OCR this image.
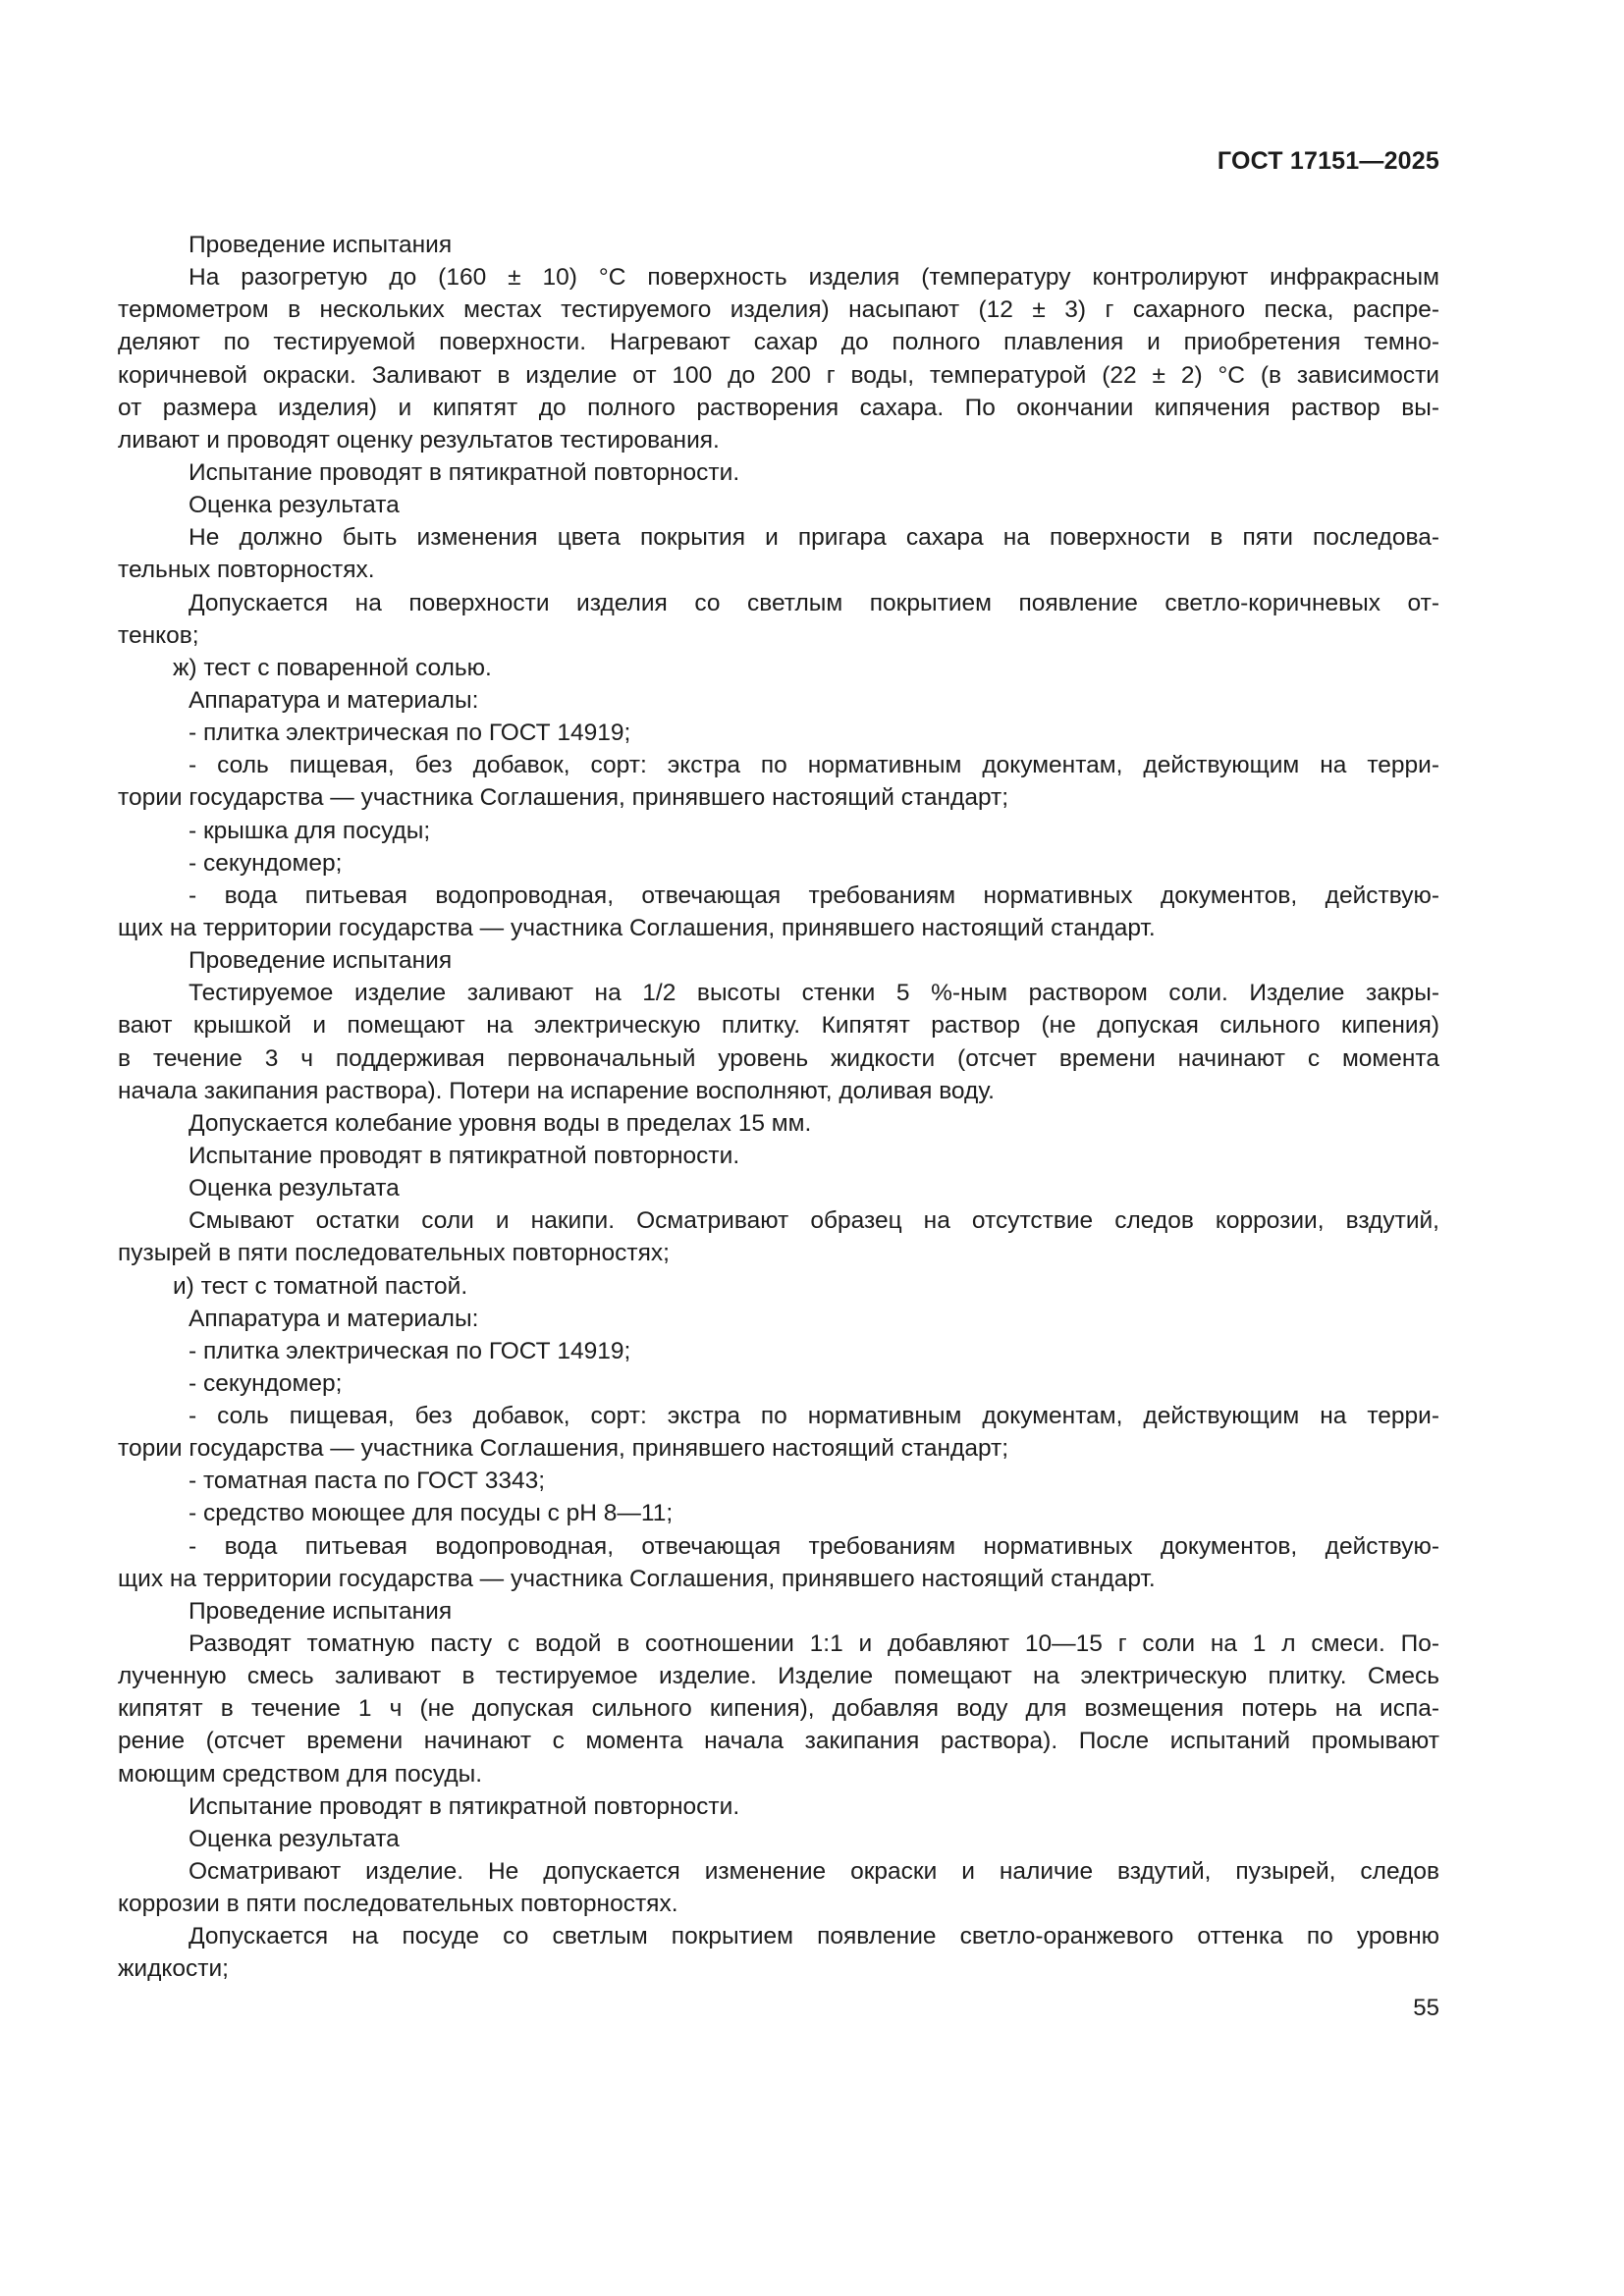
ГОСТ 17151—2025
Проведение испытания
На разогретую до (160 ± 10) °С поверхность изделия (температуру контролируют инфракрасным
термометром в нескольких местах тестируемого изделия) насыпают (12 ± 3) г сахарного песка, распре-
деляют по тестируемой поверхности. Нагревают сахар до полного плавления и приобретения темно-
коричневой окраски. Заливают в изделие от 100 до 200 г воды, температурой (22 ± 2) °С (в зависимости
от размера изделия) и кипятят до полного растворения сахара. По окончании кипячения раствор вы-
ливают и проводят оценку результатов тестирования.
Испытание проводят в пятикратной повторности.
Оценка результата
Не должно быть изменения цвета покрытия и пригара сахара на поверхности в пяти последова-
тельных повторностях.
Допускается на поверхности изделия со светлым покрытием появление светло-коричневых от-
тенков;
ж) тест с поваренной солью.
Аппаратура и материалы:
- плитка электрическая по ГОСТ 14919;
- соль пищевая, без добавок, сорт: экстра по нормативным документам, действующим на терри-
тории государства — участника Соглашения, принявшего настоящий стандарт;
- крышка для посуды;
- секундомер;
- вода питьевая водопроводная, отвечающая требованиям нормативных документов, действую-
щих на территории государства — участника Соглашения, принявшего настоящий стандарт.
Проведение испытания
Тестируемое изделие заливают на 1/2 высоты стенки 5 %-ным раствором соли. Изделие закры-
вают крышкой и помещают на электрическую плитку. Кипятят раствор (не допуская сильного кипения)
в течение 3 ч поддерживая первоначальный уровень жидкости (отсчет времени начинают с момента
начала закипания раствора). Потери на испарение восполняют, доливая воду.
Допускается колебание уровня воды в пределах 15 мм.
Испытание проводят в пятикратной повторности.
Оценка результата
Смывают остатки соли и накипи. Осматривают образец на отсутствие следов коррозии, вздутий,
пузырей в пяти последовательных повторностях;
и) тест с томатной пастой.
Аппаратура и материалы:
- плитка электрическая по ГОСТ 14919;
- секундомер;
- соль пищевая, без добавок, сорт: экстра по нормативным документам, действующим на терри-
тории государства — участника Соглашения, принявшего настоящий стандарт;
- томатная паста по ГОСТ 3343;
- средство моющее для посуды с pH 8—11;
- вода питьевая водопроводная, отвечающая требованиям нормативных документов, действую-
щих на территории государства — участника Соглашения, принявшего настоящий стандарт.
Проведение испытания
Разводят томатную пасту с водой в соотношении 1:1 и добавляют 10—15 г соли на 1 л смеси. По-
лученную смесь заливают в тестируемое изделие. Изделие помещают на электрическую плитку. Смесь
кипятят в течение 1 ч (не допуская сильного кипения), добавляя воду для возмещения потерь на испа-
рение (отсчет времени начинают с момента начала закипания раствора). После испытаний промывают
моющим средством для посуды.
Испытание проводят в пятикратной повторности.
Оценка результата
Осматривают изделие. Не допускается изменение окраски и наличие вздутий, пузырей, следов
коррозии в пяти последовательных повторностях.
Допускается на посуде со светлым покрытием появление светло-оранжевого оттенка по уровню
жидкости;
55
